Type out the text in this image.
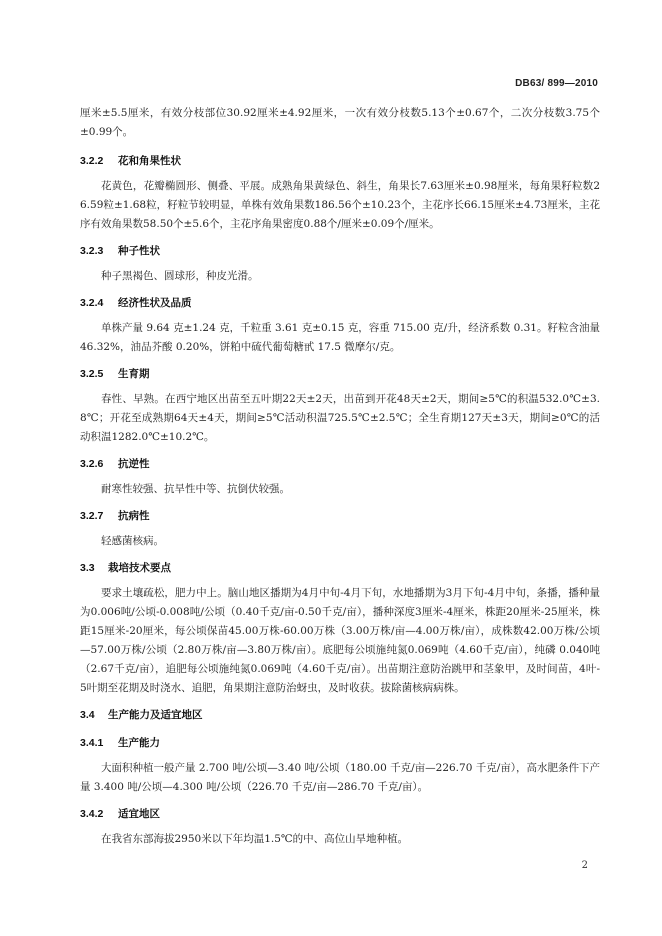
DB63/ 899—2010

厘米±5.5厘米，有效分枝部位30.92厘米±4.92厘米，一次有效分枝数5.13个±0.67个，二次分枝数3.75个±0.99个。

3.2.2 花和角果性状

花黄色，花瓣椭圆形、侧叠、平展。成熟角果黄绿色、斜生，角果长7.63厘米±0.98厘米，每角果籽粒数26.59粒±1.68粒，籽粒节较明显，单株有效角果数186.56个±10.23个，主花序长66.15厘米±4.73厘米，主花序有效角果数58.50个±5.6个，主花序角果密度0.88个/厘米±0.09个/厘米。

3.2.3 种子性状

种子黑褐色、圆球形，种皮光滑。

3.2.4 经济性状及品质

单株产量 9.64 克±1.24 克，千粒重 3.61 克±0.15 克，容重 715.00 克/升，经济系数 0.31。籽粒含油量 46.32%，油品芥酸 0.20%，饼粕中硫代葡萄糖甙 17.5 微摩尔/克。

3.2.5 生育期

春性、早熟。在西宁地区出苗至五叶期22天±2天，出苗到开花48天±2天，期间≥5℃的积温532.0℃±3.8℃；开花至成熟期64天±4天，期间≥5℃活动积温725.5℃±2.5℃；全生育期127天±3天，期间≥0℃的活动积温1282.0℃±10.2℃。

3.2.6 抗逆性

耐寒性较强、抗旱性中等、抗倒伏较强。

3.2.7 抗病性

轻感菌核病。

3.3 栽培技术要点

要求土壤疏松，肥力中上。脑山地区播期为4月中旬-4月下旬，水地播期为3月下旬-4月中旬，条播，播种量为0.006吨/公顷-0.008吨/公顷（0.40千克/亩-0.50千克/亩），播种深度3厘米-4厘米，株距20厘米-25厘米，株距15厘米-20厘米，每公顷保苗45.00万株-60.00万株（3.00万株/亩—4.00万株/亩），成株数42.00万株/公顷—57.00万株/公顷（2.80万株/亩—3.80万株/亩）。底肥每公顷施纯氮0.069吨（4.60千克/亩），纯磷 0.040吨（2.67千克/亩），追肥每公顷施纯氮0.069吨（4.60千克/亩）。出苗期注意防治跳甲和茎象甲，及时间苗，4叶-5叶期至花期及时浇水、追肥，角果期注意防治蚜虫，及时收获。拔除菌核病病株。

3.4 生产能力及适宜地区
3.4.1 生产能力

大面积种植一般产量 2.700 吨/公顷—3.40 吨/公顷（180.00 千克/亩—226.70 千克/亩），高水肥条件下产量 3.400 吨/公顷—4.300 吨/公顷（226.70 千克/亩—286.70 千克/亩）。

3.4.2 适宜地区

在我省东部海拔2950米以下年均温1.5℃的中、高位山旱地种植。

2
